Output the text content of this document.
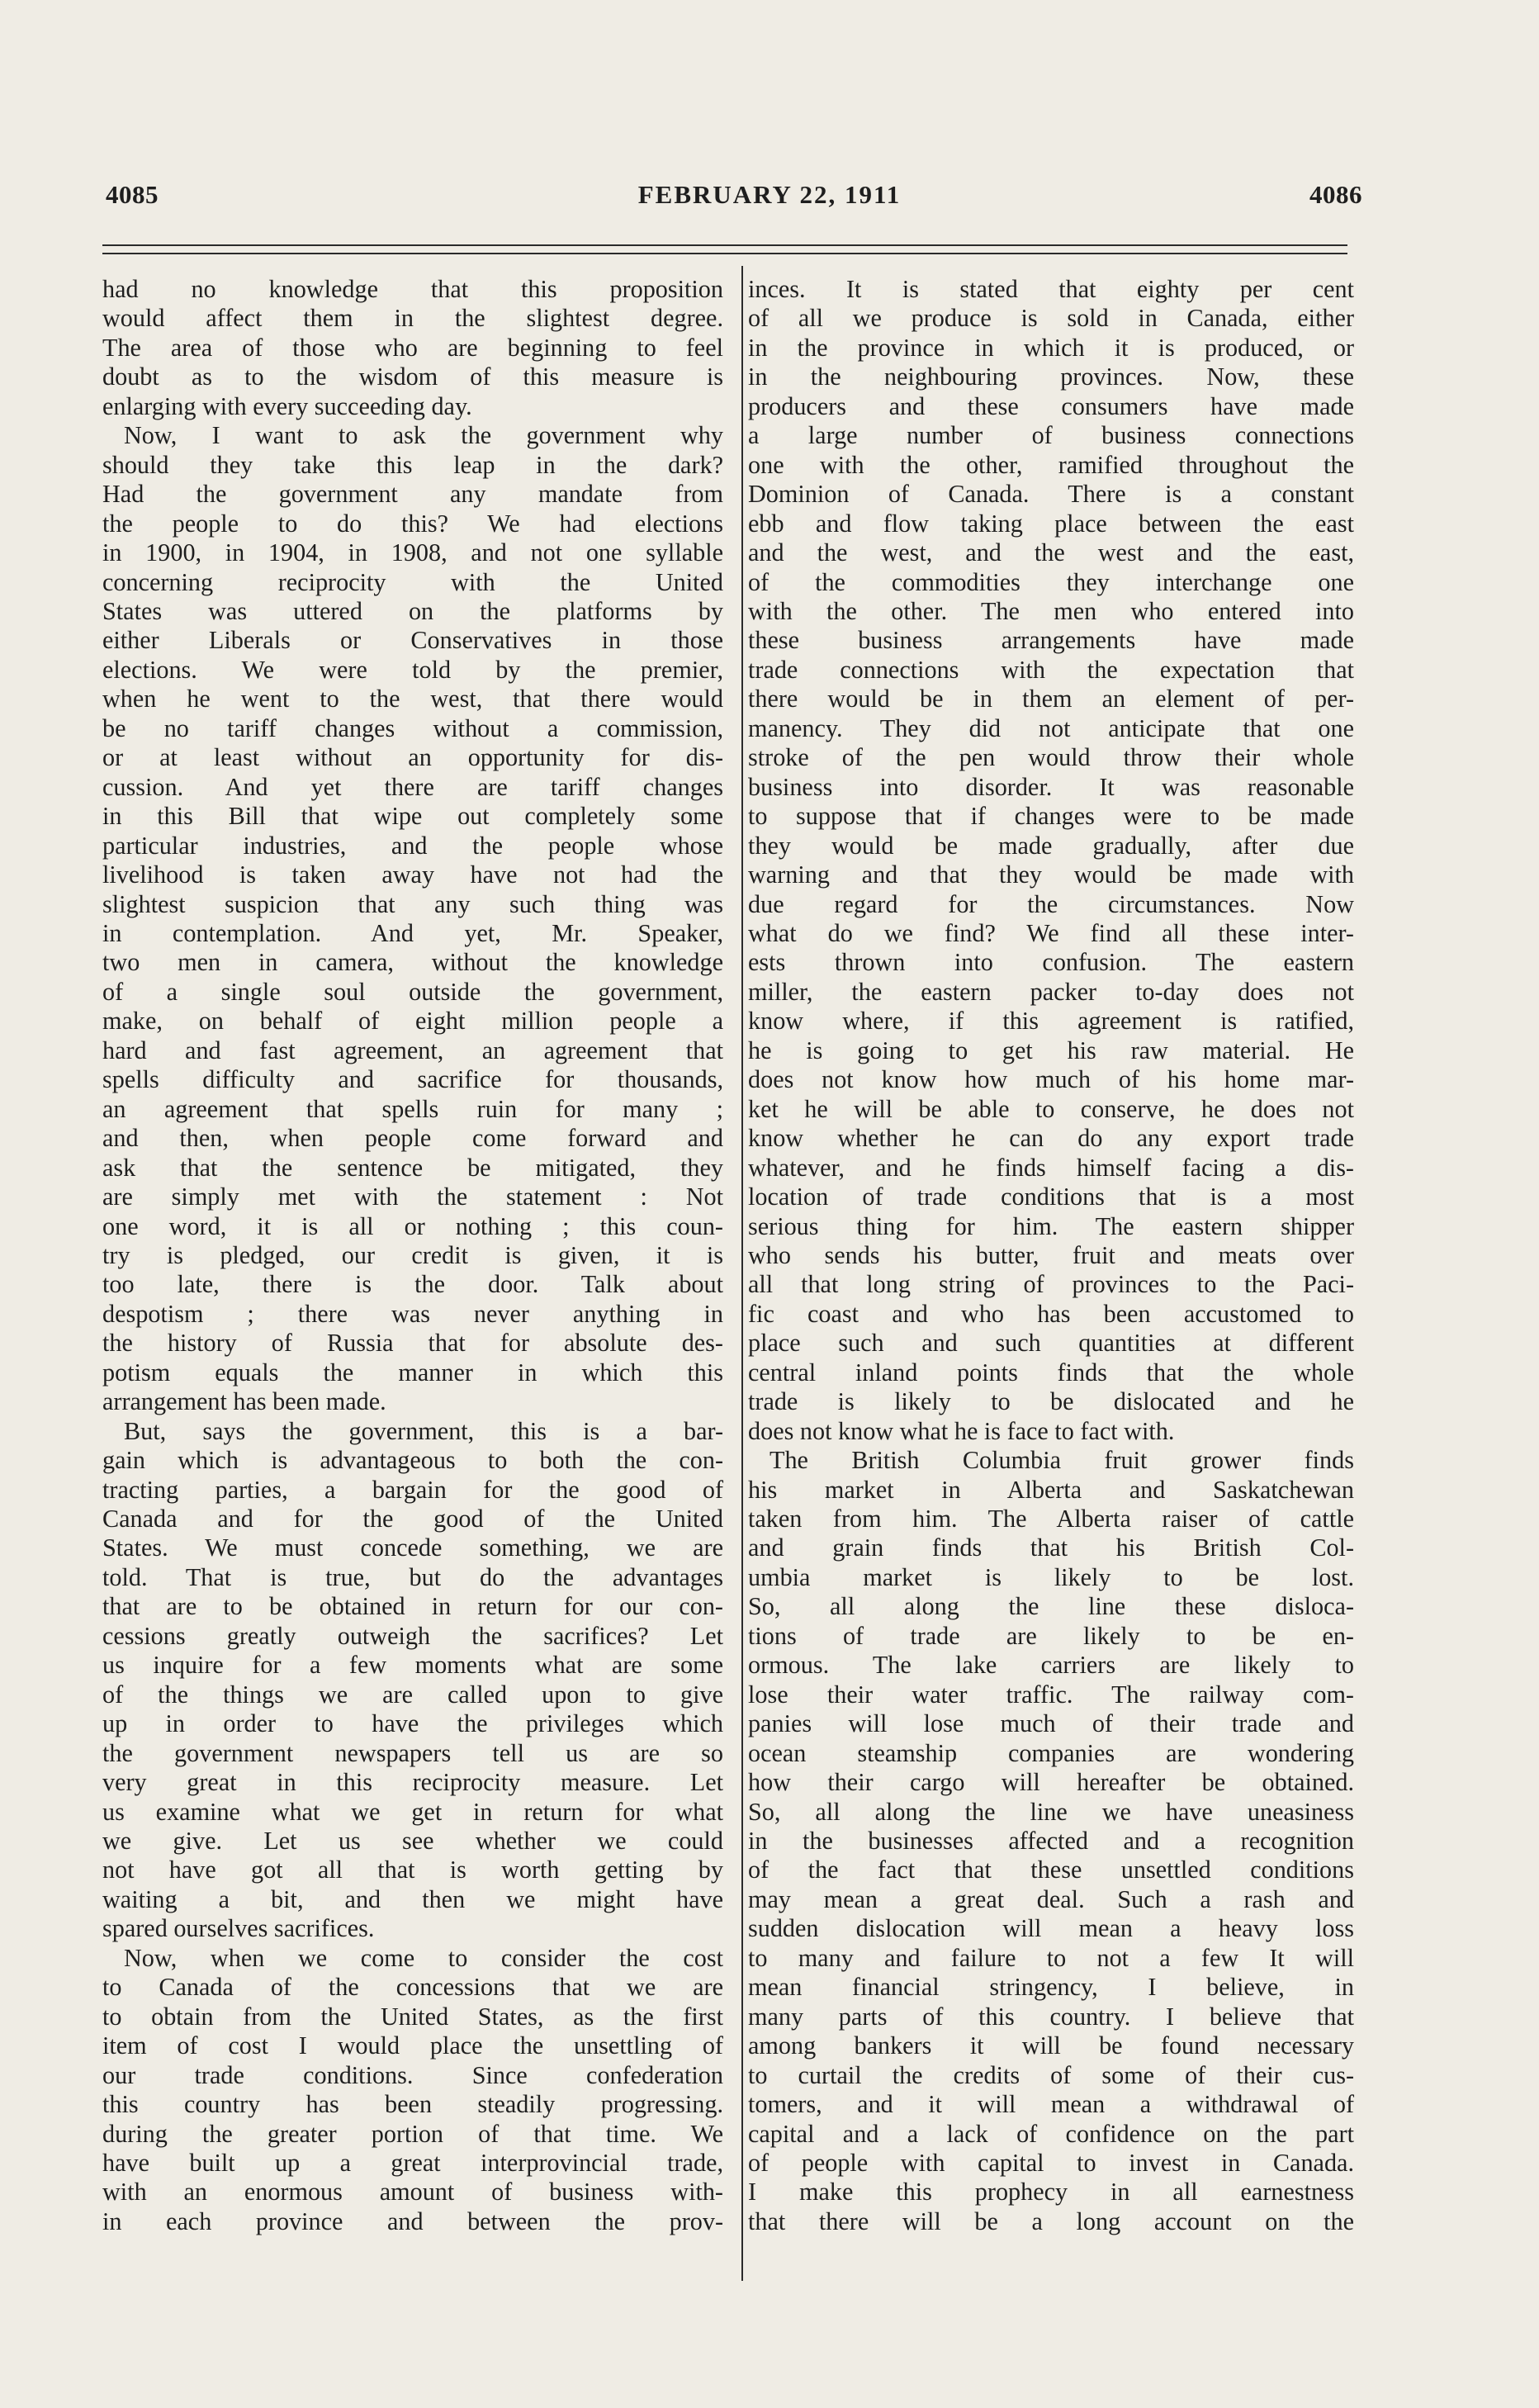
4085	FEBRUARY 22, 1911	4086

had no knowledge that this proposition

would affect them in the slightest degree.

The area of those who are beginning to feel

doubt as to the wisdom of this measure is

enlarging with every succeeding day.

Now, I want to ask the government why

should they take this leap in the dark?

Had the government any mandate from

the people to do this? We had elections

in 1900, in 1904, in 1908, and not one syllable

concerning reciprocity with the United

States was uttered on the platforms by

either Liberals or Conservatives in those

elections. We were told by the premier,

when he went to the west, that there would

be no tariff changes without a commission,

or at least without an opportunity for dis-

cussion. And yet there are tariff changes

in this Bill that wipe out completely some

particular industries, and the people whose

livelihood is taken away have not had the

slightest suspicion that any such thing was

in contemplation. And yet, Mr. Speaker,

two men in camera, without the knowledge

of a single soul outside the government,

make, on behalf of eight million people a

hard and fast agreement, an agreement that

spells difficulty and sacrifice for thousands,

an agreement that spells ruin for many ;

and then, when people come forward and

ask that the sentence be mitigated, they

are simply met with the statement : Not

one word, it is all or nothing ; this coun-

try is pledged, our credit is given, it is

too late, there is the door. Talk about

despotism ; there was never anything in

the history of Russia that for absolute des-

potism equals the manner in which this

arrangement has been made.

But, says the government, this is a bar-

gain which is advantageous to both the con-

tracting parties, a bargain for the good of

Canada and for the good of the United

States. We must concede something, we are

told. That is true, but do the advantages

that are to be obtained in return for our con-

cessions greatly outweigh the sacrifices? Let

us inquire for a few moments what are some

of the things we are called upon to give

up in order to have the privileges which

the government newspapers tell us are so

very great in this reciprocity measure. Let

us examine what we get in return for what

we give. Let us see whether we could

not have got all that is worth getting by

waiting a bit, and then we might have

spared ourselves sacrifices.

Now, when we come to consider the cost

to Canada of the concessions that we are

to obtain from the United States, as the first

item of cost I would place the unsettling of

our trade conditions. Since confederation

this country has been steadily progressing.

during the greater portion of that time. We

have built up a great interprovincial trade,

with an enormous amount of business with-

in each province and between the prov-

inces. It is stated that eighty per cent

of all we produce is sold in Canada, either

in the province in which it is produced, or

in the neighbouring provinces. Now, these

producers and these consumers have made

a large number of business connections

one with the other, ramified throughout the

Dominion of Canada. There is a constant

ebb and flow taking place between the east

and the west, and the west and the east,

of the commodities they interchange one

with the other. The men who entered into

these business arrangements have made

trade connections with the expectation that

there would be in them an element of per-

manency. They did not anticipate that one

stroke of the pen would throw their whole

business into disorder. It was reasonable

to suppose that if changes were to be made

they would be made gradually, after due

warning and that they would be made with

due regard for the circumstances. Now

what do we find? We find all these inter-

ests thrown into confusion. The eastern

miller, the eastern packer to-day does not

know where, if this agreement is ratified,

he is going to get his raw material. He

does not know how much of his home mar-

ket he will be able to conserve, he does not

know whether he can do any export trade

whatever, and he finds himself facing a dis-

location of trade conditions that is a most

serious thing for him. The eastern shipper

who sends his butter, fruit and meats over

all that long string of provinces to the Paci-

fic coast and who has been accustomed to

place such and such quantities at different

central inland points finds that the whole

trade is likely to be dislocated and he

does not know what he is face to fact with.

The British Columbia fruit grower finds

his market in Alberta and Saskatchewan

taken from him. The Alberta raiser of cattle

and grain finds that his British Col-

umbia market is likely to be lost.

So, all along the line these disloca-

tions of trade are likely to be en-

ormous. The lake carriers are likely to

lose their water traffic. The railway com-

panies will lose much of their trade and

ocean steamship companies are wondering

how their cargo will hereafter be obtained.

So, all along the line we have uneasiness

in the businesses affected and a recognition

of the fact that these unsettled conditions

may mean a great deal. Such a rash and

sudden dislocation will mean a heavy loss

to many and failure to not a few It will

mean financial stringency, I believe, in

many parts of this country. I believe that

among bankers it will be found necessary

to curtail the credits of some of their cus-

tomers, and it will mean a withdrawal of

capital and a lack of confidence on the part

of people with capital to invest in Canada.

I make this prophecy in all earnestness

that there will be a long account on the
